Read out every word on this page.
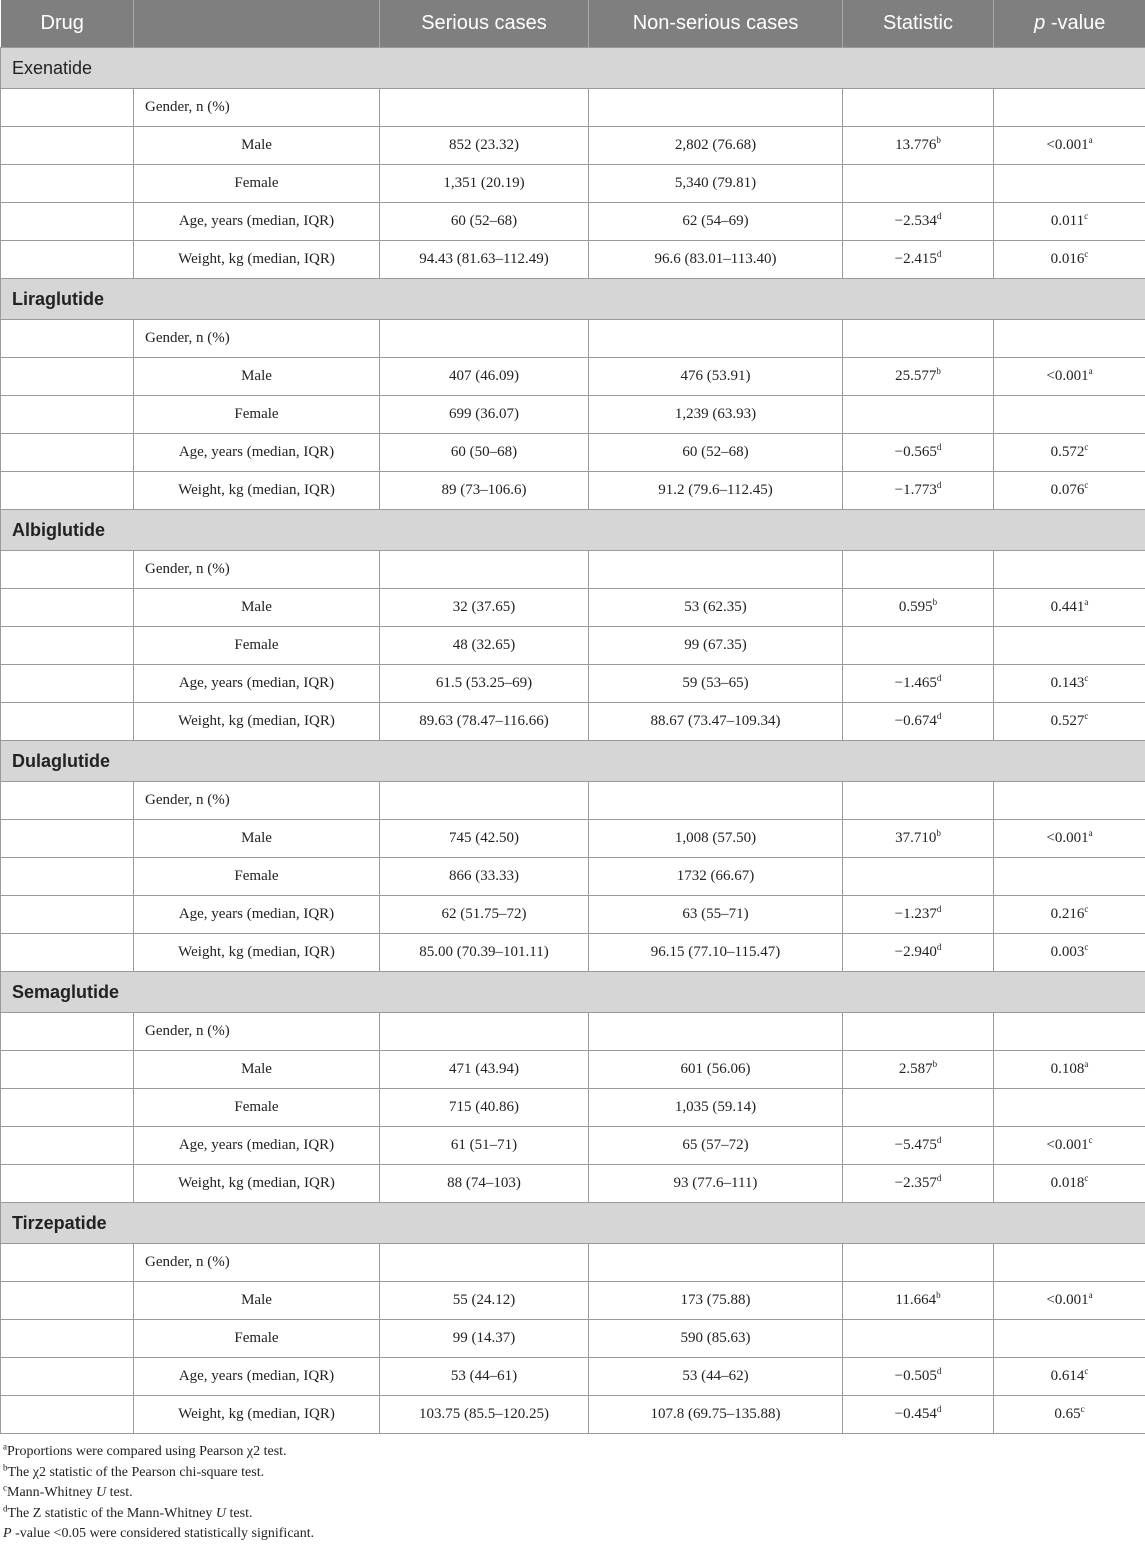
Drug		Serious cases	Non-serious cases	Statistic	p -value
Exenatide					
	Gender, n (%)				
	Male	852 (23.32)	2,802 (76.68)	13.776$^b$	<0.001$^a$
	Female	1,351 (20.19)	5,340 (79.81)		
	Age, years (median, IQR)	60 (52–68)	62 (54–69)	−2.534$^d$	0.011$^c$
	Weight, kg (median, IQR)	94.43 (81.63–112.49)	96.6 (83.01–113.40)	−2.415$^d$	0.016$^c$
Liraglutide					
	Gender, n (%)				
	Male	407 (46.09)	476 (53.91)	25.577$^b$	<0.001$^a$
	Female	699 (36.07)	1,239 (63.93)		
	Age, years (median, IQR)	60 (50–68)	60 (52–68)	−0.565$^d$	0.572$^c$
	Weight, kg (median, IQR)	89 (73–106.6)	91.2 (79.6–112.45)	−1.773$^d$	0.076$^c$
Albiglutide					
	Gender, n (%)				
	Male	32 (37.65)	53 (62.35)	0.595$^b$	0.441$^a$
	Female	48 (32.65)	99 (67.35)		
	Age, years (median, IQR)	61.5 (53.25–69)	59 (53–65)	−1.465$^d$	0.143$^c$
	Weight, kg (median, IQR)	89.63 (78.47–116.66)	88.67 (73.47–109.34)	−0.674$^d$	0.527$^c$
Dulaglutide					
	Gender, n (%)				
	Male	745 (42.50)	1,008 (57.50)	37.710$^b$	<0.001$^a$
	Female	866 (33.33)	1732 (66.67)		
	Age, years (median, IQR)	62 (51.75–72)	63 (55–71)	−1.237$^d$	0.216$^c$
	Weight, kg (median, IQR)	85.00 (70.39–101.11)	96.15 (77.10–115.47)	−2.940$^d$	0.003$^c$
Semaglutide					
	Gender, n (%)				
	Male	471 (43.94)	601 (56.06)	2.587$^b$	0.108$^a$
	Female	715 (40.86)	1,035 (59.14)		
	Age, years (median, IQR)	61 (51–71)	65 (57–72)	−5.475$^d$	<0.001$^c$
	Weight, kg (median, IQR)	88 (74–103)	93 (77.6–111)	−2.357$^d$	0.018$^c$
Tirzepatide					
	Gender, n (%)				
	Male	55 (24.12)	173 (75.88)	11.664$^b$	<0.001$^a$
	Female	99 (14.37)	590 (85.63)		
	Age, years (median, IQR)	53 (44–61)	53 (44–62)	−0.505$^d$	0.614$^c$
	Weight, kg (median, IQR)	103.75 (85.5–120.25)	107.8 (69.75–135.88)	−0.454$^d$	0.65$^c$
$^a$Proportions were compared using Pearson χ2 test.
$^b$The χ2 statistic of the Pearson chi-square test.
$^c$Mann-Whitney U test.
$^d$The Z statistic of the Mann-Whitney U test.
P -value <0.05 were considered statistically significant.
